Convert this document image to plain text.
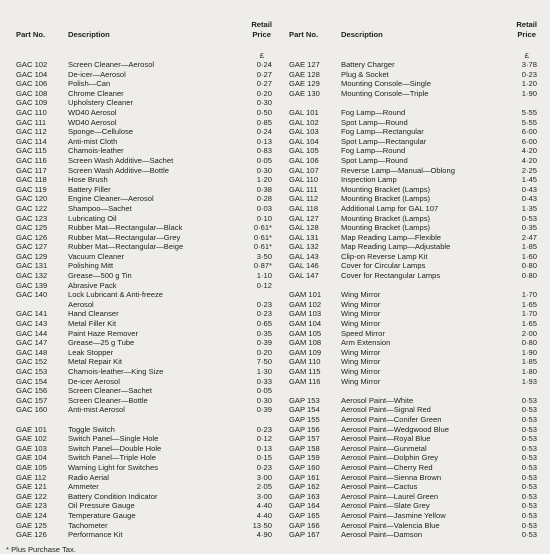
Part No.	Description
Retail
Price
£
GAC 102	Screen Cleaner—Aerosol	0·24
GAC 104	De-icer—Aerosol	0·27
GAC 106	Polish—Can	0·27
GAC 108	Chrome Cleaner	0·20
GAC 109	Upholstery Cleaner	0·30
GAC 110	WD40 Aerosol	0·50
GAC 111	WD40 Aerosol	0·85
GAC 112	Sponge—Cellulose	0·24
GAC 114	Anti-mist Cloth	0·13
GAC 115	Chamois-leather	0·83
GAC 116	Screen Wash Additive—Sachet	0·05
GAC 117	Screen Wash Additive—Bottle	0·30
GAC 118	Hose Brush	1·20
GAC 119	Battery Filler	0·38
GAC 120	Engine Cleaner—Aerosol	0·28
GAC 122	Shampoo—Sachet	0·03
GAC 123	Lubricating Oil	0·10
GAC 125	Rubber Mat—Rectangular—Black	0·61*
GAC 126	Rubber Mat—Rectangular—Grey	0·61*
GAC 127	Rubber Mat—Rectangular—Beige	0·61*
GAC 129	Vacuum Cleaner	3·50
GAC 131	Polishing Mitt	0·87*
GAC 132	Grease—500 g Tin	1·10
GAC 139	Abrasive Pack	0·12
GAC 140	Lock Lubricant & Anti-freeze
Aerosol	0·23
GAC 141	Hand Cleanser	0·23
GAC 143	Metal Filler Kit	0·65
GAC 144	Paint Haze Remover	0·35
GAC 147	Grease—25 g Tube	0·39
GAC 148	Leak Stopper	0·20
GAC 152	Metal Repair Kit	7·50
GAC 153	Chamois-leather—King Size	1·30
GAC 154	De-icer Aerosol	0·33
GAC 156	Screen Cleaner—Sachet	0·05
GAC 157	Screen Cleaner—Bottle	0·30
GAC 160	Anti-mist Aerosol	0·39
GAE 101	Toggle Switch	0·23
GAE 102	Switch Panel—Single Hole	0·12
GAE 103	Switch Panel—Double Hole	0·13
GAE 104	Switch Panel—Triple Hole	0·15
GAE 105	Warning Light for Switches	0·23
GAE 112	Radio Aerial	3·00
GAE 121	Ammeter	2·05
GAE 122	Battery Condition Indicator	3·00
GAE 123	Oil Pressure Gauge	4·40
GAE 124	Temperature Gauge	4·40
GAE 125	Tachometer	13·50
GAE 126	Performance Kit	4·90
Part No.	Description
Retail
Price
£
GAE 127	Battery Charger	3·78
GAE 128	Plug & Socket	0·23
GAE 129	Mounting Console—Single	1·20
GAE 130	Mounting Console—Triple	1·90
GAL 101	Fog Lamp—Round	5·55
GAL 102	Spot Lamp—Round	5·55
GAL 103	Fog Lamp—Rectangular	6·00
GAL 104	Spot Lamp—Rectangular	6·00
GAL 105	Fog Lamp—Round	4·20
GAL 106	Spot Lamp—Round	4·20
GAL 107	Reverse Lamp—Manual—Oblong	2·25
GAL 110	Inspection Lamp	1·45
GAL 111	Mounting Bracket (Lamps)	0·43
GAL 112	Mounting Bracket (Lamps)	0·43
GAL 118	Additional Lamp for GAL 107	1·35
GAL 127	Mounting Bracket (Lamps)	0·53
GAL 128	Mounting Bracket (Lamps)	0·35
GAL 131	Map Reading Lamp—Flexible	2·47
GAL 132	Map Reading Lamp—Adjustable	1·85
GAL 143	Clip-on Reverse Lamp Kit	1·60
GAL 146	Cover for Circular Lamps	0·80
GAL 147	Cover for Rectangular Lamps	0·80
GAM 101	Wing Mirror	1·70
GAM 102	Wing Mirror	1·65
GAM 103	Wing Mirror	1·70
GAM 104	Wing Mirror	1·65
GAM 105	Speed Mirror	2·00
GAM 108	Arm Extension	0·80
GAM 109	Wing Mirror	1·90
GAM 110	Wing Mirror	1·85
GAM 115	Wing Mirror	1·80
GAM 116	Wing Mirror	1·93
GAP 153	Aerosol Paint—White	0·53
GAP 154	Aerosol Paint—Signal Red	0·53
GAP 155	Aerosol Paint—Conifer Green	0·53
GAP 156	Aerosol Paint—Wedgwood Blue	0·53
GAP 157	Aerosol Paint—Royal Blue	0·53
GAP 158	Aerosol Paint—Gunmetal	0·53
GAP 159	Aerosol Paint—Dolphin Grey	0·53
GAP 160	Aerosol Paint—Cherry Red	0·53
GAP 161	Aerosol Paint—Sienna Brown	0·53
GAP 162	Aerosol Paint—Cactus	0·53
GAP 163	Aerosol Paint—Laurel Green	0·53
GAP 164	Aerosol Paint—Slate Grey	0·53
GAP 165	Aerosol Paint—Jasmine Yellow	0·53
GAP 166	Aerosol Paint—Valencia Blue	0·53
GAP 167	Aerosol Paint—Damson	0·53
* Plus Purchase Tax.
